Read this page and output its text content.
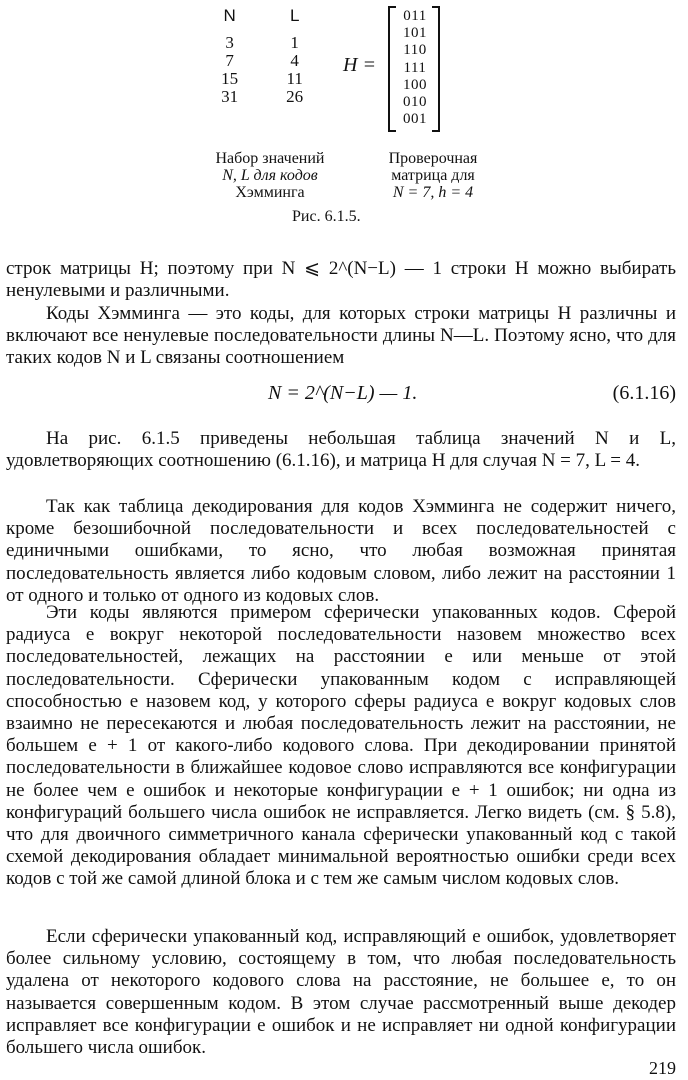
N	L
3	1
7	4
15	11
31	26
H =
011
101
110
111
100
010
001
Набор значений
N, L для кодов
Хэмминга
Проверочная
матрица для
N = 7, h = 4
Рис. 6.1.5.

строк матрицы H; поэтому при N ⩽ 2^(N−L) — 1 строки H можно выбирать ненулевыми и различными.

Коды Хэмминга — это коды, для которых строки матрицы H различны и включают все ненулевые последовательности длины N—L. Поэтому ясно, что для таких кодов N и L связаны соотношением

N = 2^(N−L) — 1.	(6.1.16)

На рис. 6.1.5 приведены небольшая таблица значений N и L, удовлетворяющих соотношению (6.1.16), и матрица H для случая N = 7, L = 4.

Так как таблица декодирования для кодов Хэмминга не содержит ничего, кроме безошибочной последовательности и всех последовательностей с единичными ошибками, то ясно, что любая возможная принятая последовательность является либо кодовым словом, либо лежит на расстоянии 1 от одного и только от одного из кодовых слов.

Эти коды являются примером сферически упакованных кодов. Сферой радиуса e вокруг некоторой последовательности назовем множество всех последовательностей, лежащих на расстоянии e или меньше от этой последовательности. Сферически упакованным кодом с исправляющей способностью e назовем код, у которого сферы радиуса e вокруг кодовых слов взаимно не пересекаются и любая последовательность лежит на расстоянии, не большем e + 1 от какого-либо кодового слова. При декодировании принятой последовательности в ближайшее кодовое слово исправляются все конфигурации не более чем e ошибок и некоторые конфигурации e + 1 ошибок; ни одна из конфигураций большего числа ошибок не исправляется. Легко видеть (см. § 5.8), что для двоичного симметричного канала сферически упакованный код с такой схемой декодирования обладает минимальной вероятностью ошибки среди всех кодов с той же самой длиной блока и с тем же самым числом кодовых слов.

Если сферически упакованный код, исправляющий e ошибок, удовлетворяет более сильному условию, состоящему в том, что любая последовательность удалена от некоторого кодового слова на расстояние, не большее e, то он называется совершенным кодом. В этом случае рассмотренный выше декодер исправляет все конфигурации e ошибок и не исправляет ни одной конфигурации большего числа ошибок.

219
